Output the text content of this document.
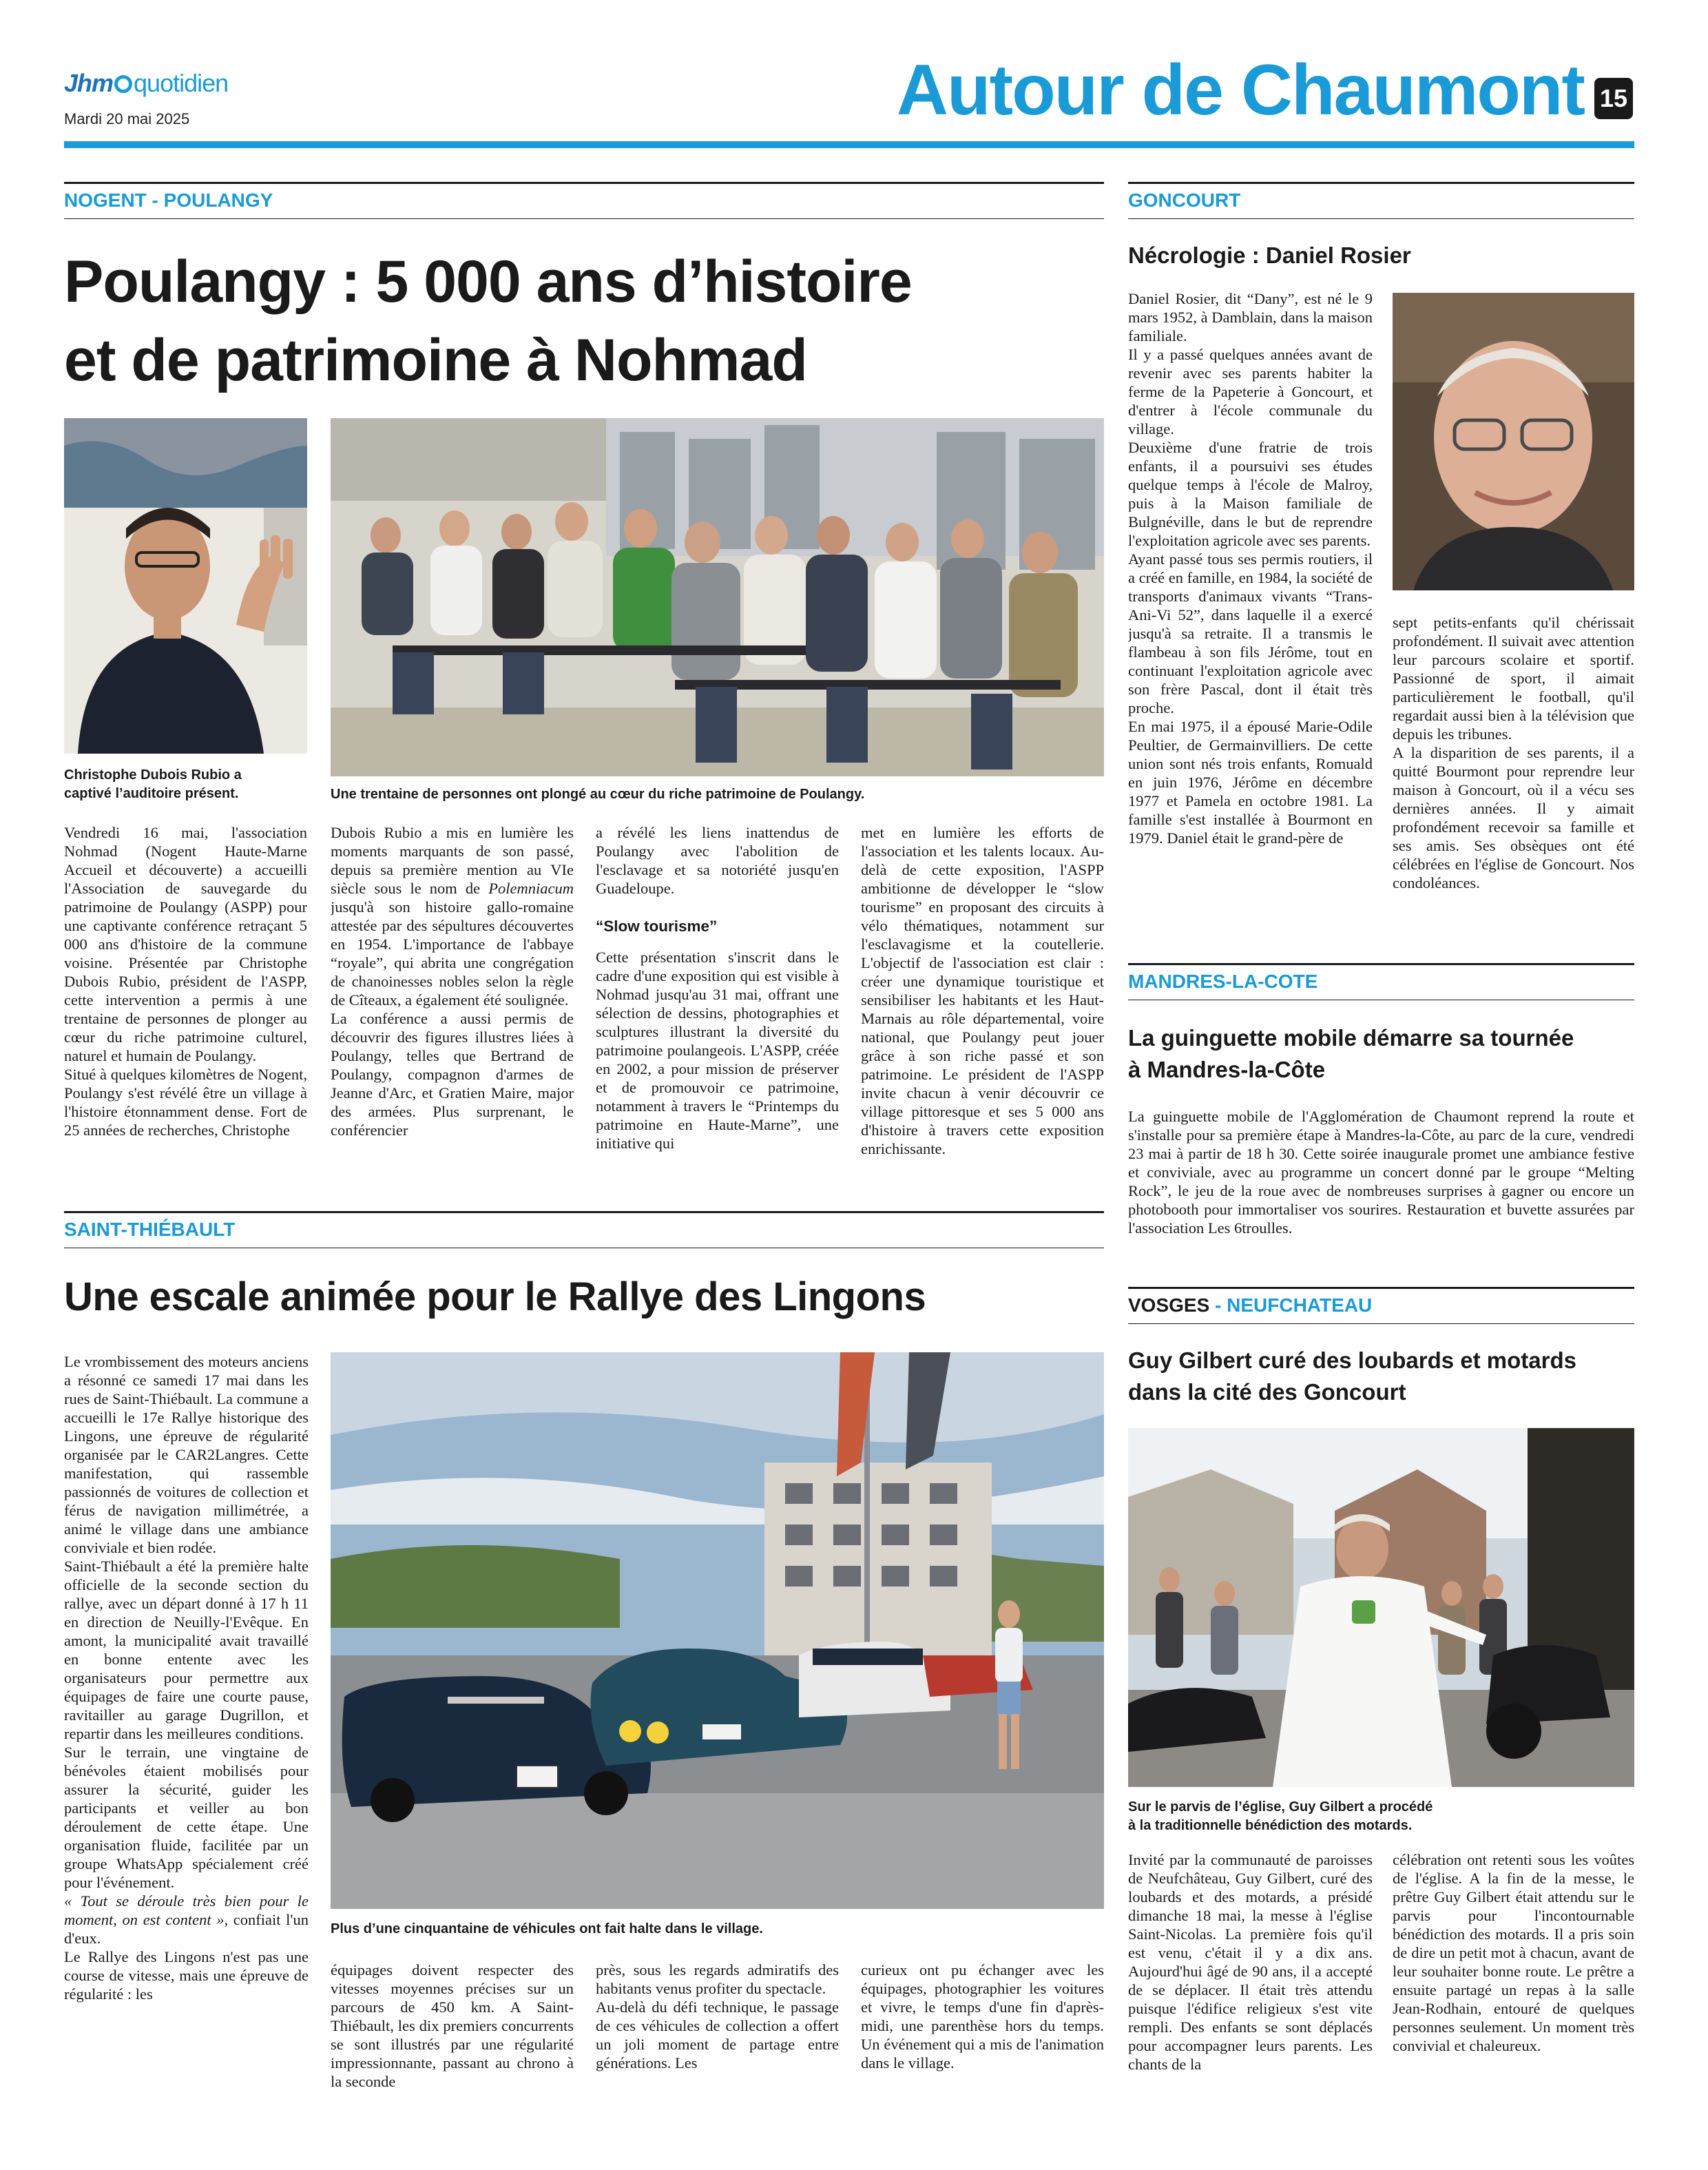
Jhm quotidien
Mardi 20 mai 2025	Autour de Chaumont 15
NOGENT - POULANGY
Poulangy : 5 000 ans d’histoire
et de patrimoine à Nohmad
Christophe Dubois Rubio a
captivé l’auditoire présent.	Une trentaine de personnes ont plongé au cœur du riche patrimoine de Poulangy.

Vendredi 16 mai, l'association Nohmad (Nogent Haute-Marne Accueil et découverte) a accueilli l'Association de sauvegarde du patrimoine de Poulangy (ASPP) pour une captivante conférence retraçant 5 000 ans d'histoire de la commune voisine. Présentée par Christophe Dubois Rubio, président de l'ASPP, cette intervention a permis à une trentaine de personnes de plonger au cœur du riche patrimoine culturel, naturel et humain de Poulangy.

Situé à quelques kilomètres de Nogent, Poulangy s'est révélé être un village à l'histoire étonnamment dense. Fort de 25 années de recherches, Christophe

Dubois Rubio a mis en lumière les moments marquants de son passé, depuis sa première mention au VIe siècle sous le nom de Polemniacum jusqu'à son histoire gallo-romaine attestée par des sépultures découvertes en 1954. L'importance de l'abbaye “royale”, qui abrita une congrégation de chanoinesses nobles selon la règle de Cîteaux, a également été soulignée.

La conférence a aussi permis de découvrir des figures illustres liées à Poulangy, telles que Bertrand de Poulangy, compagnon d'armes de Jeanne d'Arc, et Gratien Maire, major des armées. Plus surprenant, le conférencier

a révélé les liens inattendus de Poulangy avec l'abolition de l'esclavage et sa notoriété jusqu'en Guadeloupe.

“Slow tourisme”

Cette présentation s'inscrit dans le cadre d'une exposition qui est visible à Nohmad jusqu'au 31 mai, offrant une sélection de dessins, photographies et sculptures illustrant la diversité du patrimoine poulangeois. L'ASPP, créée en 2002, a pour mission de préserver et de promouvoir ce patrimoine, notamment à travers le “Printemps du patrimoine en Haute-Marne”, une initiative qui

met en lumière les efforts de l'association et les talents locaux. Au-delà de cette exposition, l'ASPP ambitionne de développer le “slow tourisme” en proposant des circuits à vélo thématiques, notamment sur l'esclavagisme et la coutellerie. L'objectif de l'association est clair : créer une dynamique touristique et sensibiliser les habitants et les Haut-Marnais au rôle départemental, voire national, que Poulangy peut jouer grâce à son riche passé et son patrimoine. Le président de l'ASPP invite chacun à venir découvrir ce village pittoresque et ses 5 000 ans d'histoire à travers cette exposition enrichissante.

GONCOURT
Nécrologie : Daniel Rosier

Daniel Rosier, dit “Dany”, est né le 9 mars 1952, à Damblain, dans la maison familiale.

Il y a passé quelques années avant de revenir avec ses parents habiter la ferme de la Papeterie à Goncourt, et d'entrer à l'école communale du village.

Deuxième d'une fratrie de trois enfants, il a poursuivi ses études quelque temps à l'école de Malroy, puis à la Maison familiale de Bulgnéville, dans le but de reprendre l'exploitation agricole avec ses parents.

Ayant passé tous ses permis routiers, il a créé en famille, en 1984, la société de transports d'animaux vivants “Trans-Ani-Vi 52”, dans laquelle il a exercé jusqu'à sa retraite. Il a transmis le flambeau à son fils Jérôme, tout en continuant l'exploitation agricole avec son frère Pascal, dont il était très proche.

En mai 1975, il a épousé Marie-Odile Peultier, de Germainvilliers. De cette union sont nés trois enfants, Romuald en juin 1976, Jérôme en décembre 1977 et Pamela en octobre 1981. La famille s'est installée à Bourmont en 1979. Daniel était le grand-père de

sept petits-enfants qu'il chérissait profondément. Il suivait avec attention leur parcours scolaire et sportif. Passionné de sport, il aimait particulièrement le football, qu'il regardait aussi bien à la télévision que depuis les tribunes.

A la disparition de ses parents, il a quitté Bourmont pour reprendre leur maison à Goncourt, où il a vécu ses dernières années. Il y aimait profondément recevoir sa famille et ses amis. Ses obsèques ont été célébrées en l'église de Goncourt. Nos condoléances.

MANDRES-LA-COTE
La guinguette mobile démarre sa tournée
à Mandres-la-Côte

La guinguette mobile de l'Agglomération de Chaumont reprend la route et s'installe pour sa première étape à Mandres-la-Côte, au parc de la cure, vendredi 23 mai à partir de 18 h 30. Cette soirée inaugurale promet une ambiance festive et conviviale, avec au programme un concert donné par le groupe “Melting Rock”, le jeu de la roue avec de nombreuses surprises à gagner ou encore un photobooth pour immortaliser vos sourires. Restauration et buvette assurées par l'association Les 6troulles.

SAINT-THIÉBAULT
Une escale animée pour le Rallye des Lingons

Le vrombissement des moteurs anciens a résonné ce samedi 17 mai dans les rues de Saint-Thiébault. La commune a accueilli le 17e Rallye historique des Lingons, une épreuve de régularité organisée par le CAR2Langres. Cette manifestation, qui rassemble passionnés de voitures de collection et férus de navigation millimétrée, a animé le village dans une ambiance conviviale et bien rodée.

Saint-Thiébault a été la première halte officielle de la seconde section du rallye, avec un départ donné à 17 h 11 en direction de Neuilly-l'Evêque. En amont, la municipalité avait travaillé en bonne entente avec les organisateurs pour permettre aux équipages de faire une courte pause, ravitailler au garage Dugrillon, et repartir dans les meilleures conditions.

Sur le terrain, une vingtaine de bénévoles étaient mobilisés pour assurer la sécurité, guider les participants et veiller au bon déroulement de cette étape. Une organisation fluide, facilitée par un groupe WhatsApp spécialement créé pour l'événement.

« Tout se déroule très bien pour le moment, on est content », confiait l'un d'eux.

Le Rallye des Lingons n'est pas une course de vitesse, mais une épreuve de régularité : les

Plus d’une cinquantaine de véhicules ont fait halte dans le village.

équipages doivent respecter des vitesses moyennes précises sur un parcours de 450 km. A Saint-Thiébault, les dix premiers concurrents se sont illustrés par une régularité impressionnante, passant au chrono à la seconde

près, sous les regards admiratifs des habitants venus profiter du spectacle.

Au-delà du défi technique, le passage de ces véhicules de collection a offert un joli moment de partage entre générations. Les

curieux ont pu échanger avec les équipages, photographier les voitures et vivre, le temps d'une fin d'après-midi, une parenthèse hors du temps. Un événement qui a mis de l'animation dans le village.

VOSGES - NEUFCHATEAU
Guy Gilbert curé des loubards et motards
dans la cité des Goncourt
Sur le parvis de l’église, Guy Gilbert a procédé
à la traditionnelle bénédiction des motards.

Invité par la communauté de paroisses de Neufchâteau, Guy Gilbert, curé des loubards et des motards, a présidé dimanche 18 mai, la messe à l'église Saint-Nicolas. La première fois qu'il est venu, c'était il y a dix ans. Aujourd'hui âgé de 90 ans, il a accepté de se déplacer. Il était très attendu puisque l'édifice religieux s'est vite rempli. Des enfants se sont déplacés pour accompagner leurs parents. Les chants de la

célébration ont retenti sous les voûtes de l'église. A la fin de la messe, le prêtre Guy Gilbert était attendu sur le parvis pour l'incontournable bénédiction des motards. Il a pris soin de dire un petit mot à chacun, avant de leur souhaiter bonne route. Le prêtre a ensuite partagé un repas à la salle Jean-Rodhain, entouré de quelques personnes seulement. Un moment très convivial et chaleureux.
